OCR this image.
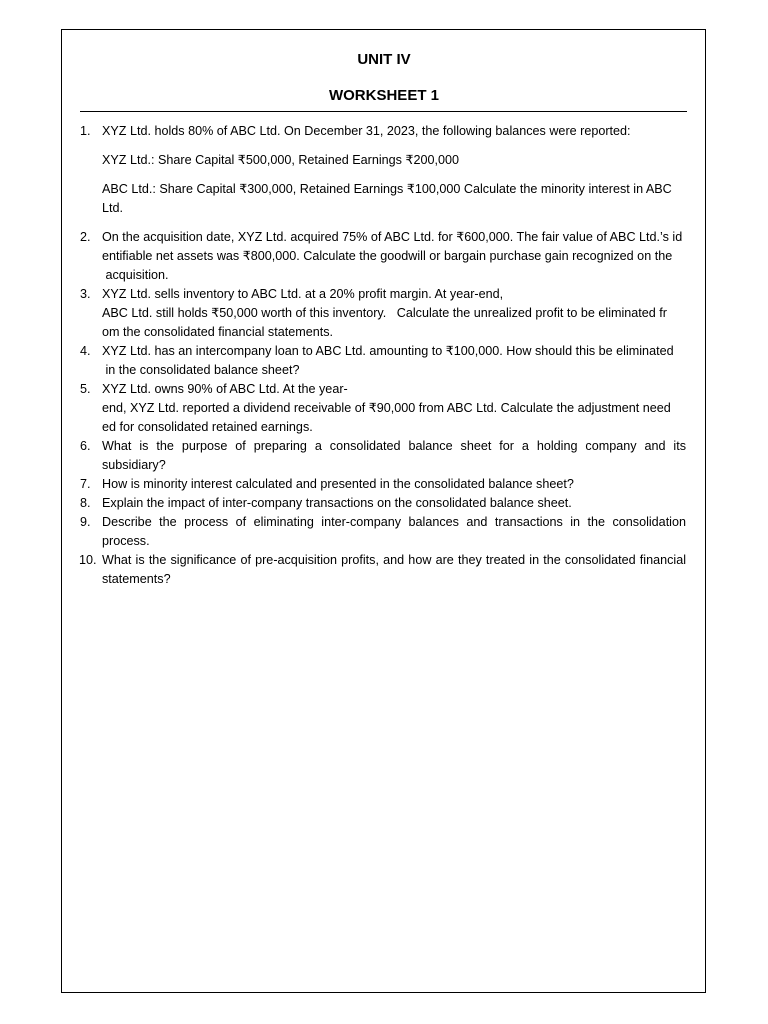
UNIT IV
WORKSHEET 1
1. XYZ Ltd. holds 80% of ABC Ltd. On December 31, 2023, the following balances were reported:
XYZ Ltd.: Share Capital ₹500,000, Retained Earnings ₹200,000
ABC Ltd.: Share Capital ₹300,000, Retained Earnings ₹100,000 Calculate the minority interest in ABC
Ltd.
2. On the acquisition date, XYZ Ltd. acquired 75% of ABC Ltd. for ₹600,000. The fair value of ABC Ltd.’s id
entifiable net assets was ₹800,000. Calculate the goodwill or bargain purchase gain recognized on the
acquisition.
3. XYZ Ltd. sells inventory to ABC Ltd. at a 20% profit margin. At year-end,
ABC Ltd. still holds ₹50,000 worth of this inventory.   Calculate the unrealized profit to be eliminated fr
om the consolidated financial statements.
4. XYZ Ltd. has an intercompany loan to ABC Ltd. amounting to ₹100,000. How should this be eliminated
in the consolidated balance sheet?
5. XYZ Ltd. owns 90% of ABC Ltd. At the year-
end, XYZ Ltd. reported a dividend receivable of ₹90,000 from ABC Ltd. Calculate the adjustment need
ed for consolidated retained earnings.
6. What is the purpose of preparing a consolidated balance sheet for a holding company and its subsidiary?
7. How is minority interest calculated and presented in the consolidated balance sheet?
8. Explain the impact of inter-company transactions on the consolidated balance sheet.
9. Describe the process of eliminating inter-company balances and transactions in the consolidation process.
10. What is the significance of pre-acquisition profits, and how are they treated in the consolidated financial statements?
